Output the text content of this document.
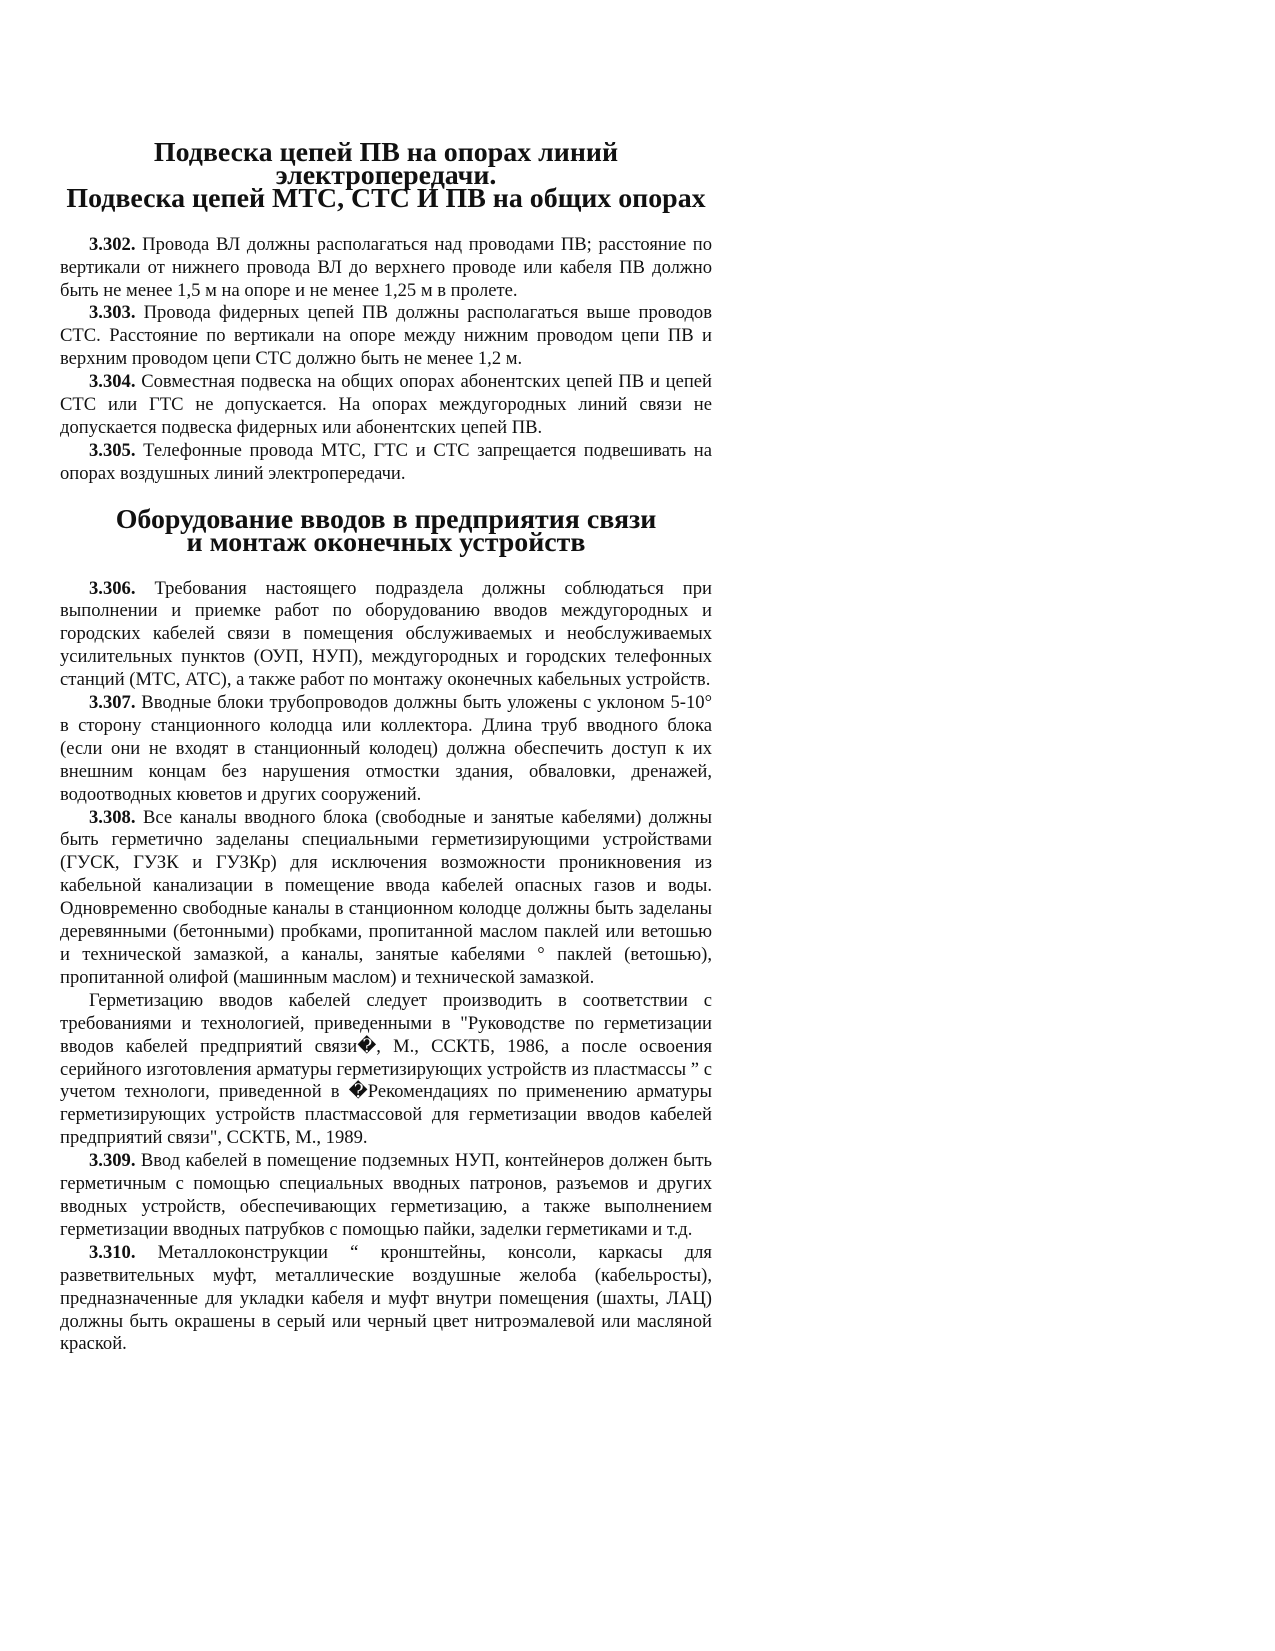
Подвеска цепей ПВ на опорах линий электропередачи.
Подвеска цепей МТС, СТС И ПВ на общих опорах

3.302. Провода ВЛ должны располагаться над проводами ПВ; расстояние по вертикали от нижнего провода ВЛ до верхнего проводе или кабеля ПВ должно быть не менее 1,5 м на опоре и не менее 1,25 м в пролете.

3.303. Провода фидерных цепей ПВ должны располагаться выше проводов СТС. Расстояние по вертикали на опоре между нижним проводом цепи ПВ и верхним проводом цепи СТС должно быть не менее 1,2 м.

3.304. Совместная подвеска на общих опорах абонентских цепей ПВ и цепей СТС или ГТС не допускается. На опорах междугородных линий связи не допускается подвеска фидерных или абонентских цепей ПВ.

3.305. Телефонные провода МТС, ГТС и СТС запрещается подвешивать на опорах воздушных линий электропередачи.

Оборудование вводов в предприятия связи
и монтаж оконечных устройств

3.306. Требования настоящего подраздела должны соблюдаться при выполнении и приемке работ по оборудованию вводов междугородных и городских кабелей связи в помещения обслуживаемых и необслуживаемых усилительных пунктов (ОУП, НУП), междугородных и городских телефонных станций (МТС, АТС), а также работ по монтажу оконечных кабельных устройств.

3.307. Вводные блоки трубопроводов должны быть уложены с уклоном 5-10° в сторону станционного колодца или коллектора. Длина труб вводного блока (если они не входят в станционный колодец) должна обеспечить доступ к их внешним концам без нарушения отмостки здания, обваловки, дренажей, водоотводных кюветов и других сооружений.

3.308. Все каналы вводного блока (свободные и занятые кабелями) должны быть герметично заделаны специальными герметизирующими устройствами (ГУСК, ГУЗК и ГУЗКр) для исключения возможности проникновения из кабельной канализации в помещение ввода кабелей опасных газов и воды. Одновременно свободные каналы в станционном колодце должны быть заделаны деревянными (бетонными) пробками, пропитанной маслом паклей или ветошью и технической замазкой, а каналы, занятые кабелями ° паклей (ветошью), пропитанной олифой (машинным маслом) и технической замазкой.

Герметизацию вводов кабелей следует производить в соответствии с требованиями и технологией, приведенными в "Руководстве по герметизации вводов кабелей предприятий связи�, М., ССКТБ, 1986, а после освоения серийного изготовления арматуры герметизирующих устройств из пластмассы ” с учетом технологи, приведенной в �Рекомендациях по применению арматуры герметизирующих устройств пластмассовой для герметизации вводов кабелей предприятий связи", ССКТБ, М., 1989.

3.309. Ввод кабелей в помещение подземных НУП, контейнеров должен быть герметичным с помощью специальных вводных патронов, разъемов и других вводных устройств, обеспечивающих герметизацию, а также выполнением герметизации вводных патрубков с помощью пайки, заделки герметиками и т.д.

3.310. Металлоконструкции “ кронштейны, консоли, каркасы для разветвительных муфт, металлические воздушные желоба (кабельросты), предназначенные для укладки кабеля и муфт внутри помещения (шахты, ЛАЦ) должны быть окрашены в серый или черный цвет нитроэмалевой или масляной краской.
